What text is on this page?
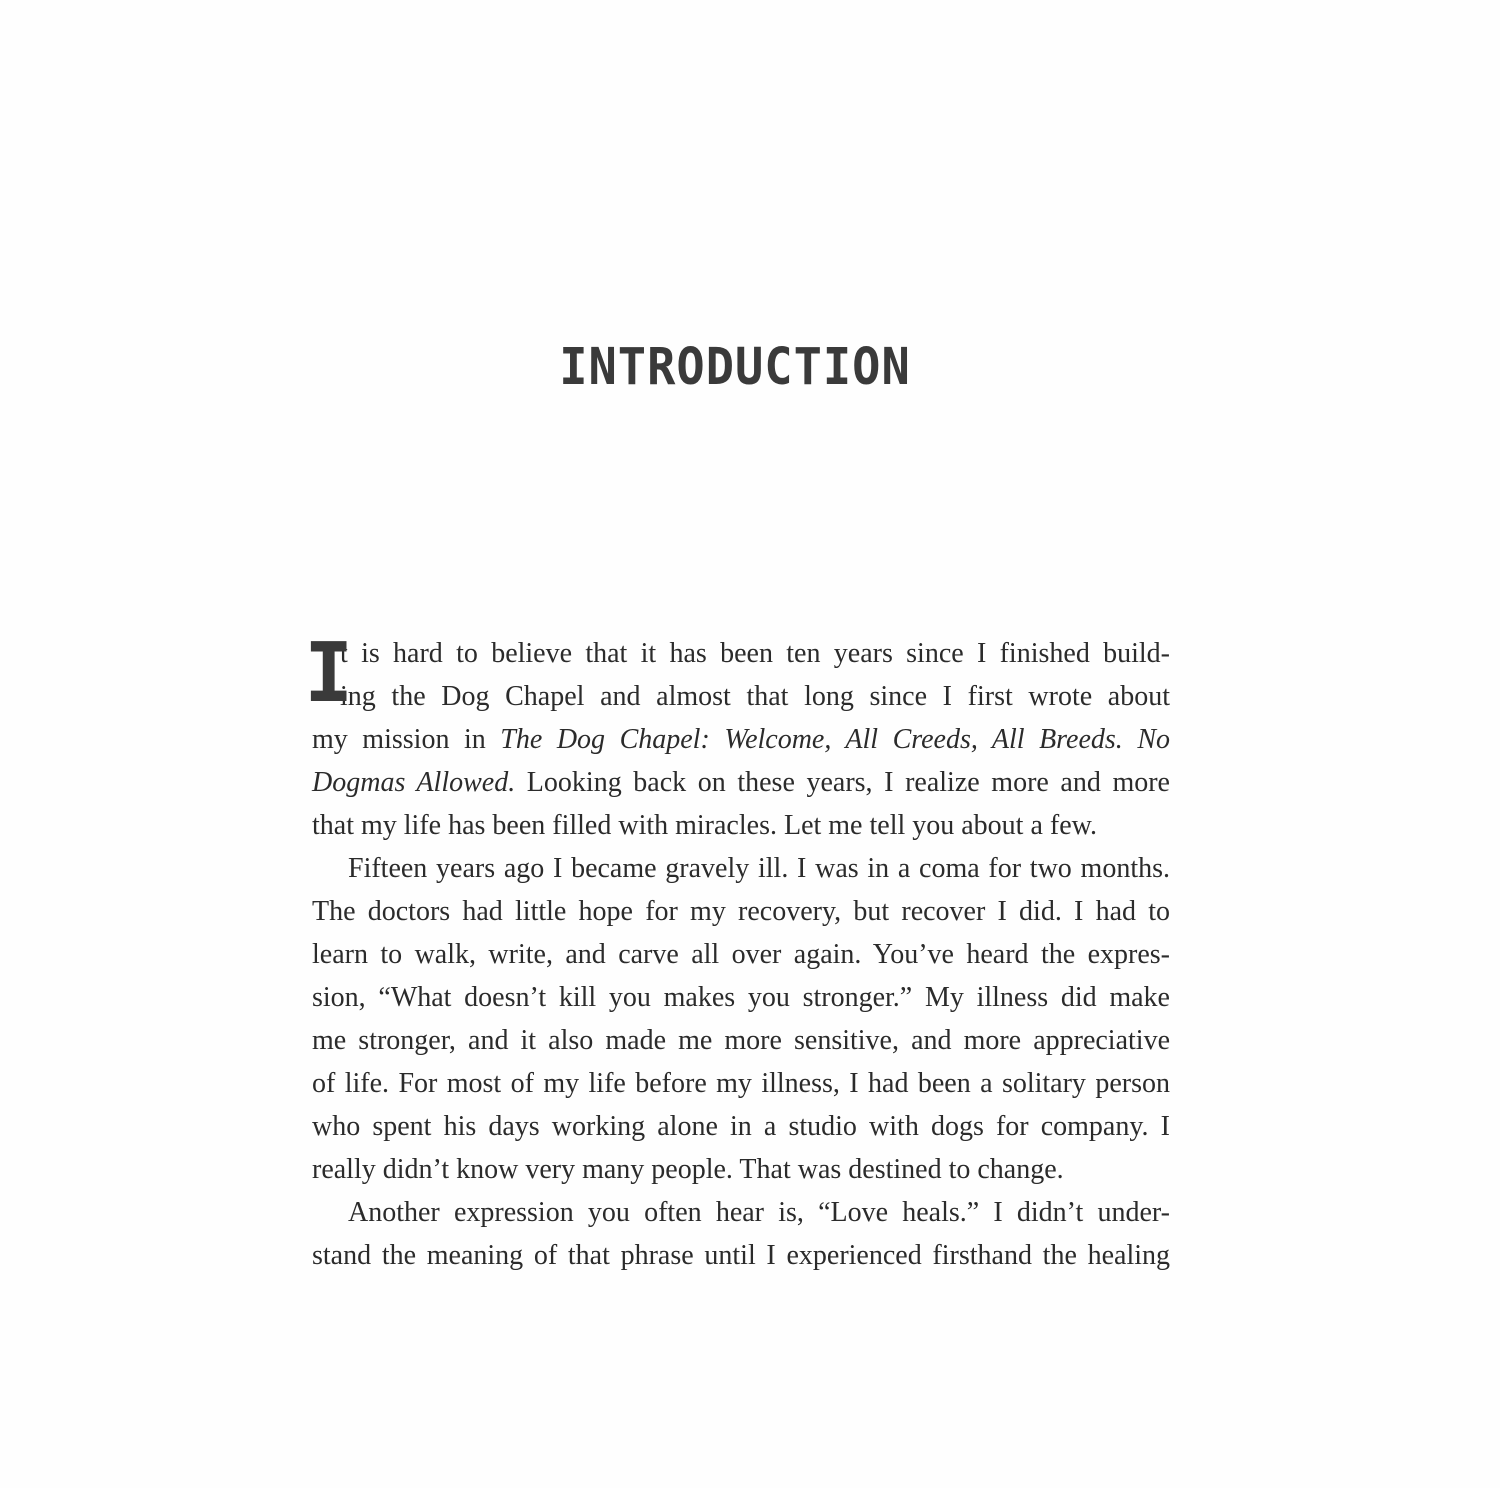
INTRODUCTION
I
t is hard to believe that it has been ten years since I finished build-
ing the Dog Chapel and almost that long since I first wrote about
my mission in The Dog Chapel: Welcome, All Creeds, All Breeds. No
Dogmas Allowed. Looking back on these years, I realize more and more
that my life has been filled with miracles. Let me tell you about a few.
Fifteen years ago I became gravely ill. I was in a coma for two months.
The doctors had little hope for my recovery, but recover I did. I had to
learn to walk, write, and carve all over again. You’ve heard the expres-
sion, “What doesn’t kill you makes you stronger.” My illness did make
me stronger, and it also made me more sensitive, and more appreciative
of life. For most of my life before my illness, I had been a solitary person
who spent his days working alone in a studio with dogs for company. I
really didn’t know very many people. That was destined to change.
Another expression you often hear is, “Love heals.” I didn’t under-
stand the meaning of that phrase until I experienced firsthand the healing
